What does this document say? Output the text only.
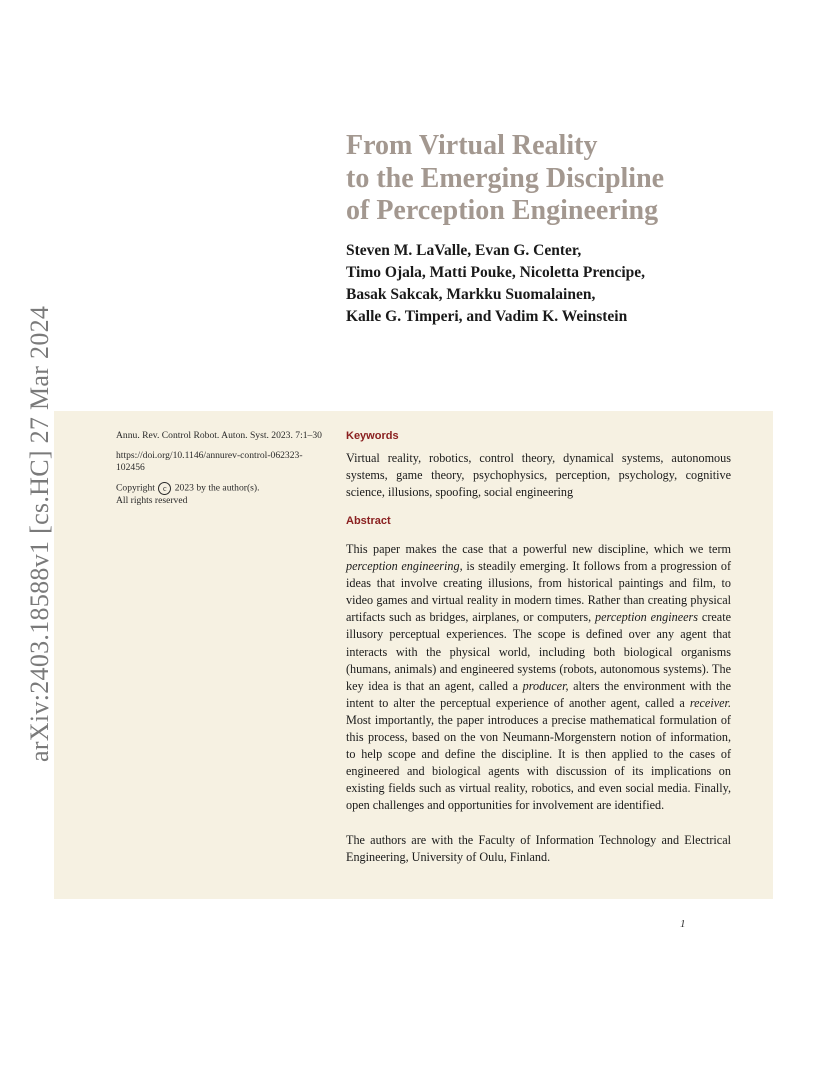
arXiv:2403.18588v1 [cs.HC] 27 Mar 2024
From Virtual Reality
to the Emerging Discipline
of Perception Engineering
Steven M. LaValle, Evan G. Center,
Timo Ojala, Matti Pouke, Nicoletta Prencipe,
Basak Sakcak, Markku Suomalainen,
Kalle G. Timperi, and Vadim K. Weinstein

Annu. Rev. Control Robot. Auton. Syst. 2023. 7:1–30

https://doi.org/10.1146/annurev-control-062323-102456

Copyright c 2023 by the author(s).
All rights reserved

Keywords

Virtual reality, robotics, control theory, dynamical systems, autonomous systems, game theory, psychophysics, perception, psychology, cognitive science, illusions, spoofing, social engineering

Abstract

This paper makes the case that a powerful new discipline, which we term perception engineering, is steadily emerging. It follows from a progression of ideas that involve creating illusions, from historical paintings and film, to video games and virtual reality in modern times. Rather than creating physical artifacts such as bridges, airplanes, or computers, perception engineers create illusory perceptual experiences. The scope is defined over any agent that interacts with the physical world, including both biological organisms (humans, animals) and engineered systems (robots, autonomous systems). The key idea is that an agent, called a producer, alters the environment with the intent to alter the perceptual experience of another agent, called a receiver. Most importantly, the paper introduces a precise mathematical formulation of this process, based on the von Neumann-Morgenstern notion of information, to help scope and define the discipline. It is then applied to the cases of engineered and biological agents with discussion of its implications on existing fields such as virtual reality, robotics, and even social media. Finally, open challenges and opportunities for involvement are identified.

The authors are with the Faculty of Information Technology and Electrical Engineering, University of Oulu, Finland.

1
